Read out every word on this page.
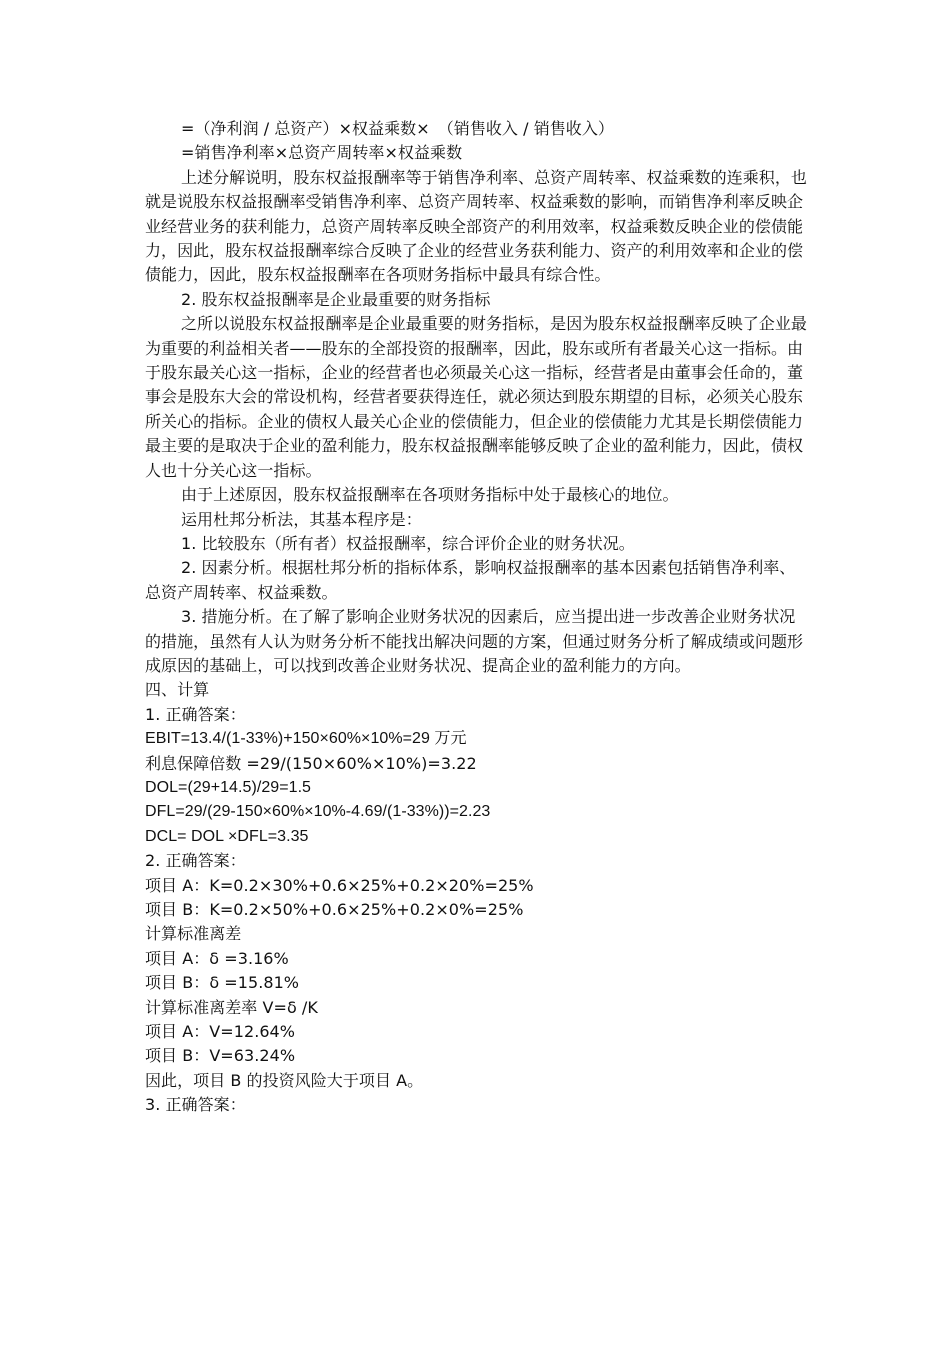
=（净利润 / 总资产）×权益乘数×　（销售收入 / 销售收入）

=销售净利率×总资产周转率×权益乘数

上述分解说明，股东权益报酬率等于销售净利率、总资产周转率、权益乘数的连乘积，也就是说股东权益报酬率受销售净利率、总资产周转率、权益乘数的影响，而销售净利率反映企业经营业务的获利能力，总资产周转率反映全部资产的利用效率，权益乘数反映企业的偿债能力，因此，股东权益报酬率综合反映了企业的经营业务获利能力、资产的利用效率和企业的偿债能力，因此，股东权益报酬率在各项财务指标中最具有综合性。

2. 股东权益报酬率是企业最重要的财务指标

之所以说股东权益报酬率是企业最重要的财务指标，是因为股东权益报酬率反映了企业最为重要的利益相关者——股东的全部投资的报酬率，因此，股东或所有者最关心这一指标。由于股东最关心这一指标，企业的经营者也必须最关心这一指标，经营者是由董事会任命的，董事会是股东大会的常设机构，经营者要获得连任，就必须达到股东期望的目标，必须关心股东所关心的指标。企业的债权人最关心企业的偿债能力，但企业的偿债能力尤其是长期偿债能力最主要的是取决于企业的盈利能力，股东权益报酬率能够反映了企业的盈利能力，因此，债权人也十分关心这一指标。

由于上述原因，股东权益报酬率在各项财务指标中处于最核心的地位。

运用杜邦分析法，其基本程序是：

1. 比较股东（所有者）权益报酬率，综合评价企业的财务状况。

2. 因素分析。根据杜邦分析的指标体系，影响权益报酬率的基本因素包括销售净利率、总资产周转率、权益乘数。

3. 措施分析。在了解了影响企业财务状况的因素后，应当提出进一步改善企业财务状况的措施，虽然有人认为财务分析不能找出解决问题的方案，但通过财务分析了解成绩或问题形成原因的基础上，可以找到改善企业财务状况、提高企业的盈利能力的方向。

四、计算

1. 正确答案：

EBIT=13.4/(1-33%)+150×60%×10%=29 万元

利息保障倍数 =29/(150×60%×10%)=3.22

DOL=(29+14.5)/29=1.5

DFL=29/(29-150×60%×10%-4.69/(1-33%))=2.23

DCL= DOL ×DFL=3.35

2. 正确答案：

项目 A：K=0.2×30%+0.6×25%+0.2×20%=25%

项目 B：K=0.2×50%+0.6×25%+0.2×0%=25%

计算标准离差

项目 A：δ =3.16%

项目 B：δ =15.81%

计算标准离差率 V=δ /K

项目 A：V=12.64%

项目 B：V=63.24%

因此，项目 B 的投资风险大于项目 A。

3. 正确答案：
